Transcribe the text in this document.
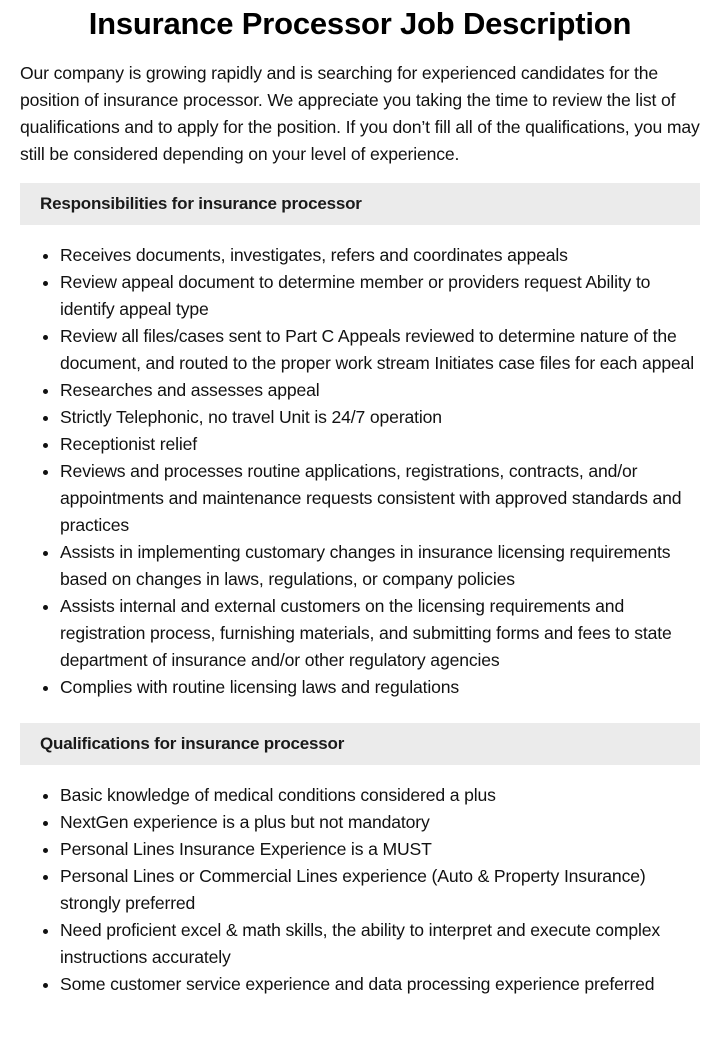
Insurance Processor Job Description

Our company is growing rapidly and is searching for experienced candidates for the position of insurance processor. We appreciate you taking the time to review the list of qualifications and to apply for the position. If you don’t fill all of the qualifications, you may still be considered depending on your level of experience.

Responsibilities for insurance processor
• Receives documents, investigates, refers and coordinates appeals
• Review appeal document to determine member or providers request Ability to identify appeal type
• Review all files/cases sent to Part C Appeals reviewed to determine nature of the document, and routed to the proper work stream Initiates case files for each appeal
• Researches and assesses appeal
• Strictly Telephonic, no travel Unit is 24/7 operation
• Receptionist relief
• Reviews and processes routine applications, registrations, contracts, and/or appointments and maintenance requests consistent with approved standards and practices
• Assists in implementing customary changes in insurance licensing requirements based on changes in laws, regulations, or company policies
• Assists internal and external customers on the licensing requirements and registration process, furnishing materials, and submitting forms and fees to state department of insurance and/or other regulatory agencies
• Complies with routine licensing laws and regulations
Qualifications for insurance processor
• Basic knowledge of medical conditions considered a plus
• NextGen experience is a plus but not mandatory
• Personal Lines Insurance Experience is a MUST
• Personal Lines or Commercial Lines experience (Auto & Property Insurance) strongly preferred
• Need proficient excel & math skills, the ability to interpret and execute complex instructions accurately
• Some customer service experience and data processing experience preferred
